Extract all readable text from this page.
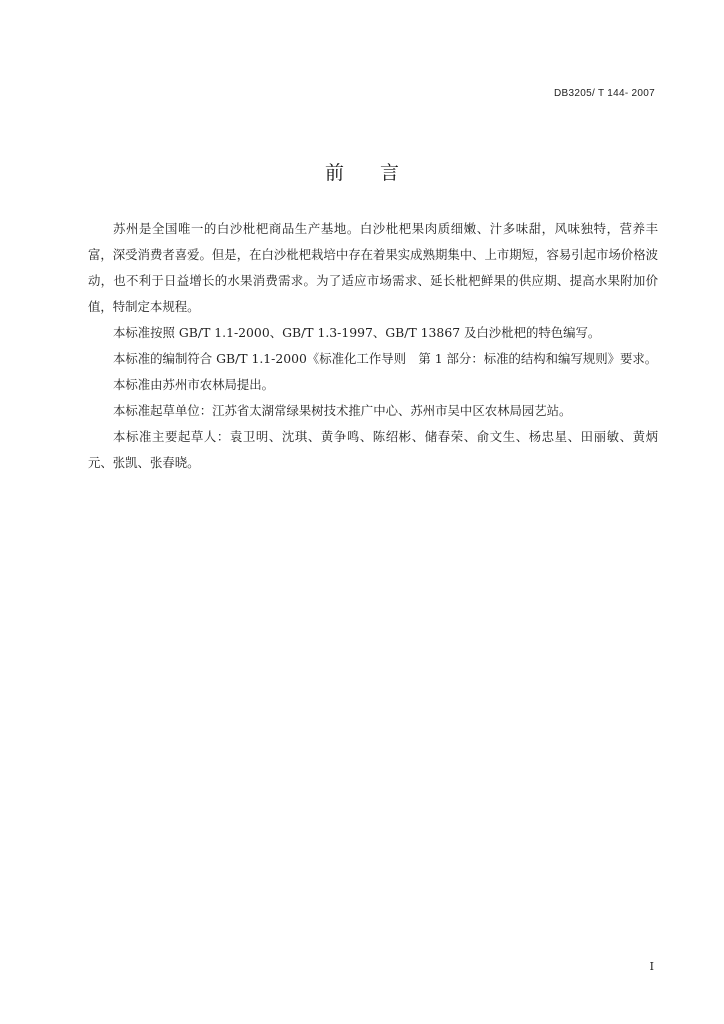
DB3205/ T 144- 2007
前言

苏州是全国唯一的白沙枇杷商品生产基地。白沙枇杷果肉质细嫩、汁多味甜，风味独特，营养丰富，深受消费者喜爱。但是，在白沙枇杷栽培中存在着果实成熟期集中、上市期短，容易引起市场价格波动，也不利于日益增长的水果消费需求。为了适应市场需求、延长枇杷鲜果的供应期、提高水果附加价值，特制定本规程。

本标准按照 GB/T 1.1-2000、GB/T 1.3-1997、GB/T 13867 及白沙枇杷的特色编写。

本标准的编制符合 GB/T 1.1-2000《标准化工作导则　第 1 部分：标准的结构和编写规则》要求。

本标准由苏州市农林局提出。

本标准起草单位：江苏省太湖常绿果树技术推广中心、苏州市吴中区农林局园艺站。

本标准主要起草人：袁卫明、沈琪、黄争鸣、陈绍彬、储春荣、俞文生、杨忠星、田丽敏、黄炳元、张凯、张春晓。

I
